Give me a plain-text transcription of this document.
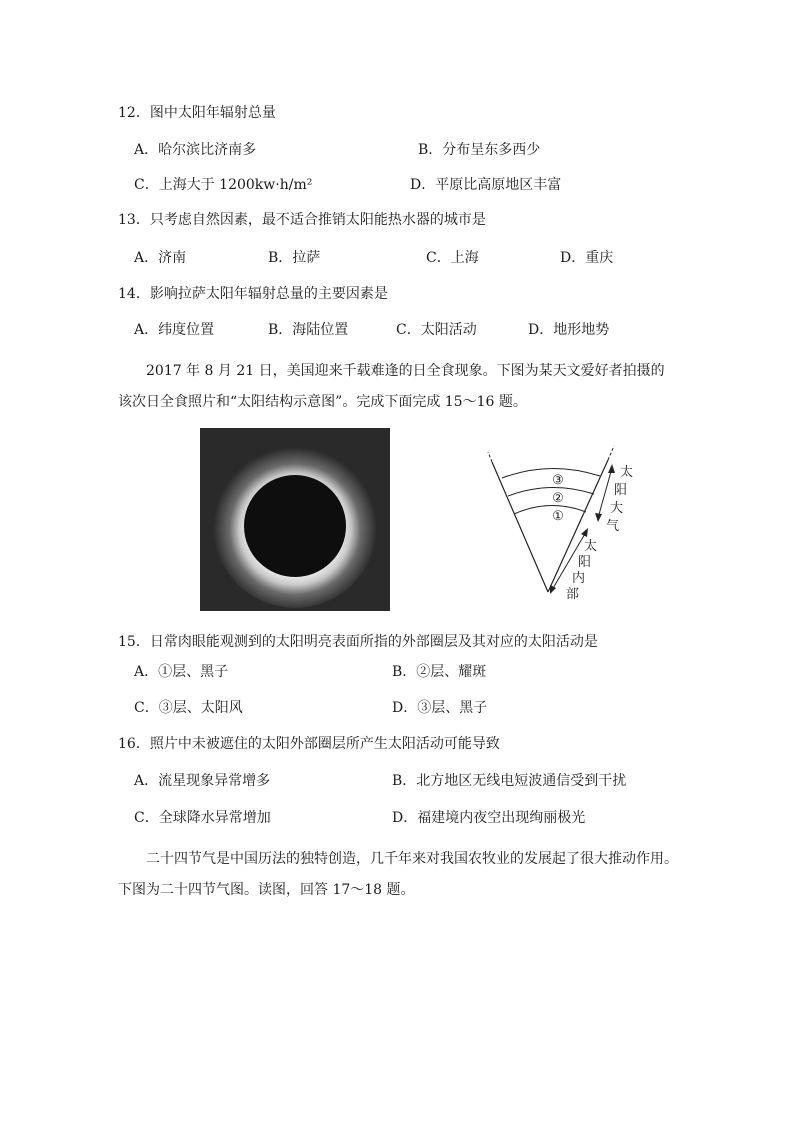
12．图中太阳年辐射总量
A．哈尔滨比济南多	B．分布呈东多西少
C．上海大于 1200kw·h/m²	D．平原比高原地区丰富
13．只考虑自然因素，最不适合推销太阳能热水器的城市是
A．济南	B．拉萨	C．上海	D．重庆
14．影响拉萨太阳年辐射总量的主要因素是
A．纬度位置	B．海陆位置	C．太阳活动	D．地形地势
2017 年 8 月 21 日，美国迎来千载难逢的日全食现象。下图为某天文爱好者拍摄的该次日全食照片和“太阳结构示意图”。完成下面完成 15～16 题。
③
②
①
太
阳
大
气
太
阳
内
部
15．日常肉眼能观测到的太阳明亮表面所指的外部圈层及其对应的太阳活动是
A．①层、黑子	B．②层、耀斑
C．③层、太阳风	D．③层、黑子
16．照片中未被遮住的太阳外部圈层所产生太阳活动可能导致
A．流星现象异常增多	B．北方地区无线电短波通信受到干扰
C．全球降水异常增加	D．福建境内夜空出现绚丽极光
二十四节气是中国历法的独特创造，几千年来对我国农牧业的发展起了很大推动作用。下图为二十四节气图。读图，回答 17～18 题。
